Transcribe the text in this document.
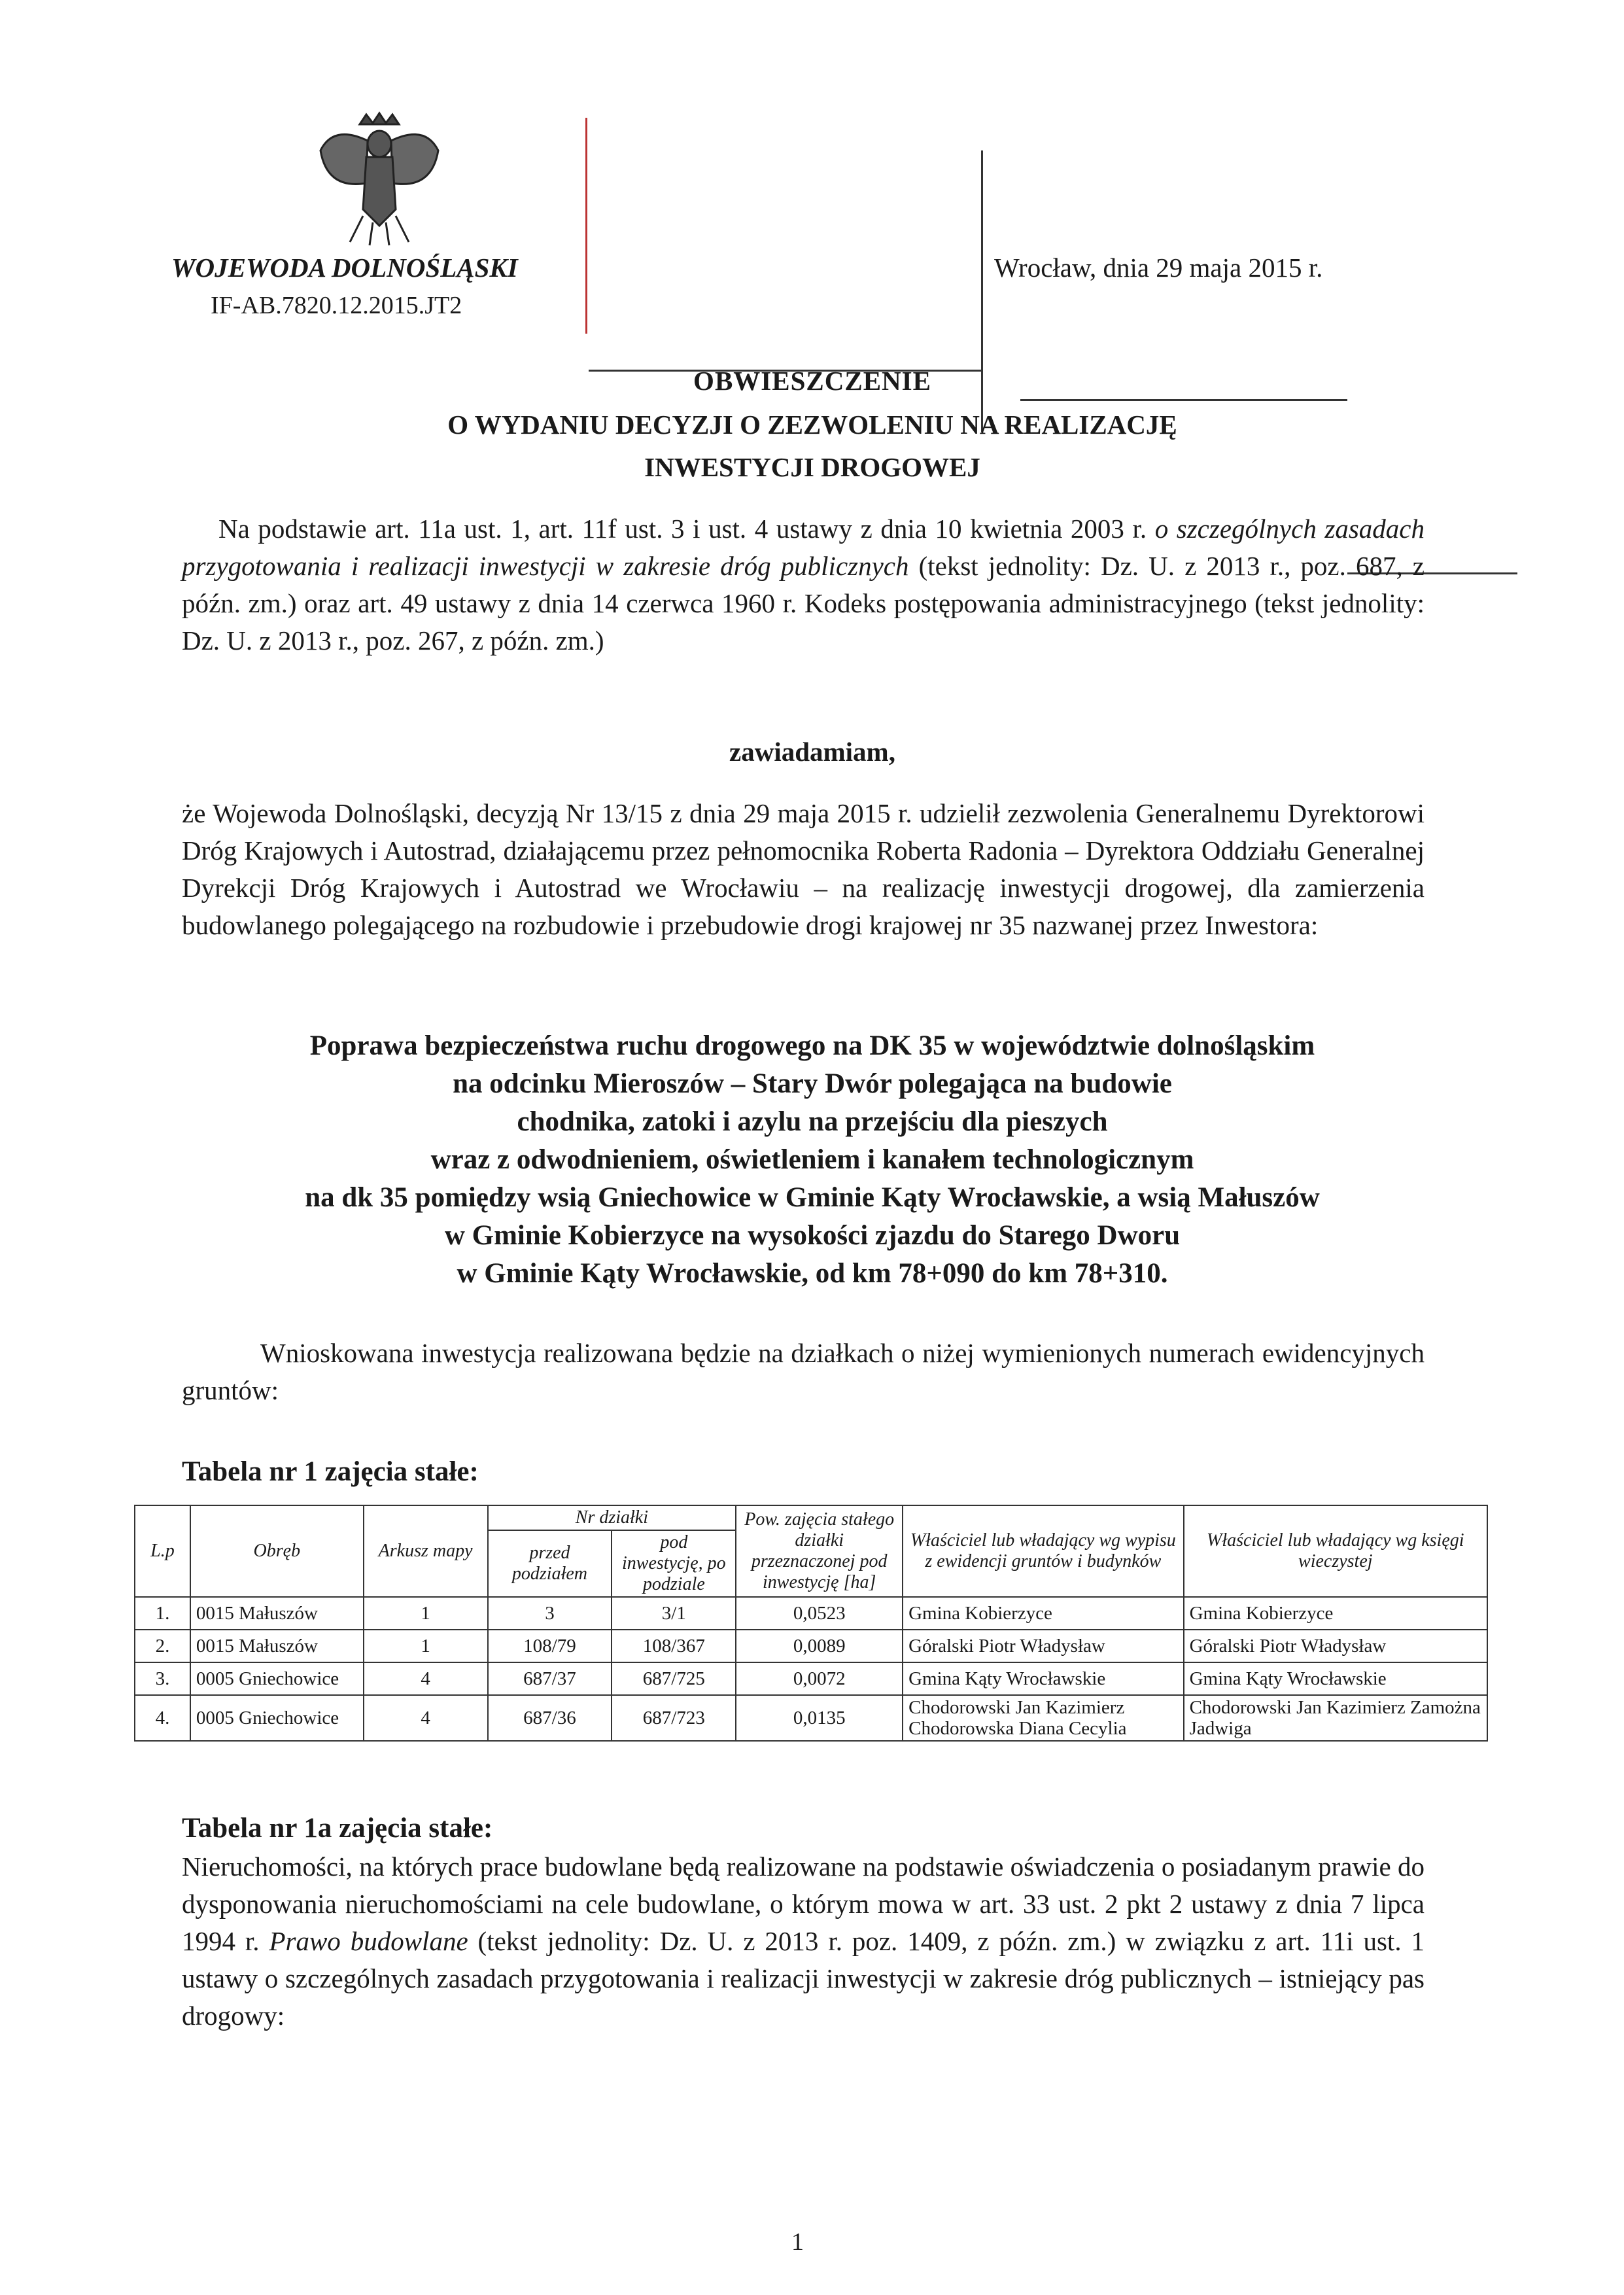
WOJEWODA DOLNOŚLĄSKI
IF-AB.7820.12.2015.JT2
Wrocław, dnia 29 maja 2015 r.
OBWIESZCZENIE
O WYDANIU DECYZJI O ZEZWOLENIU NA REALIZACJĘ
INWESTYCJI DROGOWEJ
Na podstawie art. 11a ust. 1, art. 11f ust. 3 i ust. 4 ustawy z dnia 10 kwietnia 2003 r. o szczególnych zasadach przygotowania i realizacji inwestycji w zakresie dróg publicznych (tekst jednolity: Dz. U. z 2013 r., poz. 687, z późn. zm.) oraz art. 49 ustawy z dnia 14 czerwca 1960 r. Kodeks postępowania administracyjnego (tekst jednolity: Dz. U. z 2013 r., poz. 267, z późn. zm.)
zawiadamiam,
że Wojewoda Dolnośląski, decyzją Nr 13/15 z dnia 29 maja 2015 r. udzielił zezwolenia Generalnemu Dyrektorowi Dróg Krajowych i Autostrad, działającemu przez pełnomocnika Roberta Radonia – Dyrektora Oddziału Generalnej Dyrekcji Dróg Krajowych i Autostrad we Wrocławiu – na realizację inwestycji drogowej, dla zamierzenia budowlanego polegającego na rozbudowie i przebudowie drogi krajowej nr 35 nazwanej przez Inwestora:
Poprawa bezpieczeństwa ruchu drogowego na DK 35 w województwie dolnośląskim
na odcinku Mieroszów – Stary Dwór polegająca na budowie
chodnika, zatoki i azylu na przejściu dla pieszych
wraz z odwodnieniem, oświetleniem i kanałem technologicznym
na dk 35 pomiędzy wsią Gniechowice w Gminie Kąty Wrocławskie, a wsią Małuszów
w Gminie Kobierzyce na wysokości zjazdu do Starego Dworu
w Gminie Kąty Wrocławskie, od km 78+090 do km 78+310.
Wnioskowana inwestycja realizowana będzie na działkach o niżej wymienionych numerach ewidencyjnych gruntów:
Tabela nr 1 zajęcia stałe:
L.p	Obręb	Arkusz mapy	Nr działki		Pow. zajęcia stałego działki przeznaczonej pod inwestycję [ha]	Właściciel lub władający wg wypisu z ewidencji gruntów i budynków	Właściciel lub władający wg księgi wieczystej
			przed podziałem	pod inwestycję, po podziale			
1.	0015 Małuszów	1	3	3/1	0,0523	Gmina Kobierzyce	Gmina Kobierzyce
2.	0015 Małuszów	1	108/79	108/367	0,0089	Góralski Piotr Władysław	Góralski Piotr Władysław
3.	0005 Gniechowice	4	687/37	687/725	0,0072	Gmina Kąty Wrocławskie	Gmina Kąty Wrocławskie
4.	0005 Gniechowice	4	687/36	687/723	0,0135	Chodorowski Jan Kazimierz Chodorowska Diana Cecylia	Chodorowski Jan Kazimierz Zamożna Jadwiga
Tabela nr 1a zajęcia stałe:
Nieruchomości, na których prace budowlane będą realizowane na podstawie oświadczenia o posiadanym prawie do dysponowania nieruchomościami na cele budowlane, o którym mowa w art. 33 ust. 2 pkt 2 ustawy z dnia 7 lipca 1994 r. Prawo budowlane (tekst jednolity: Dz. U. z 2013 r. poz. 1409, z późn. zm.) w związku z art. 11i ust. 1 ustawy o szczególnych zasadach przygotowania i realizacji inwestycji w zakresie dróg publicznych – istniejący pas drogowy:
1
